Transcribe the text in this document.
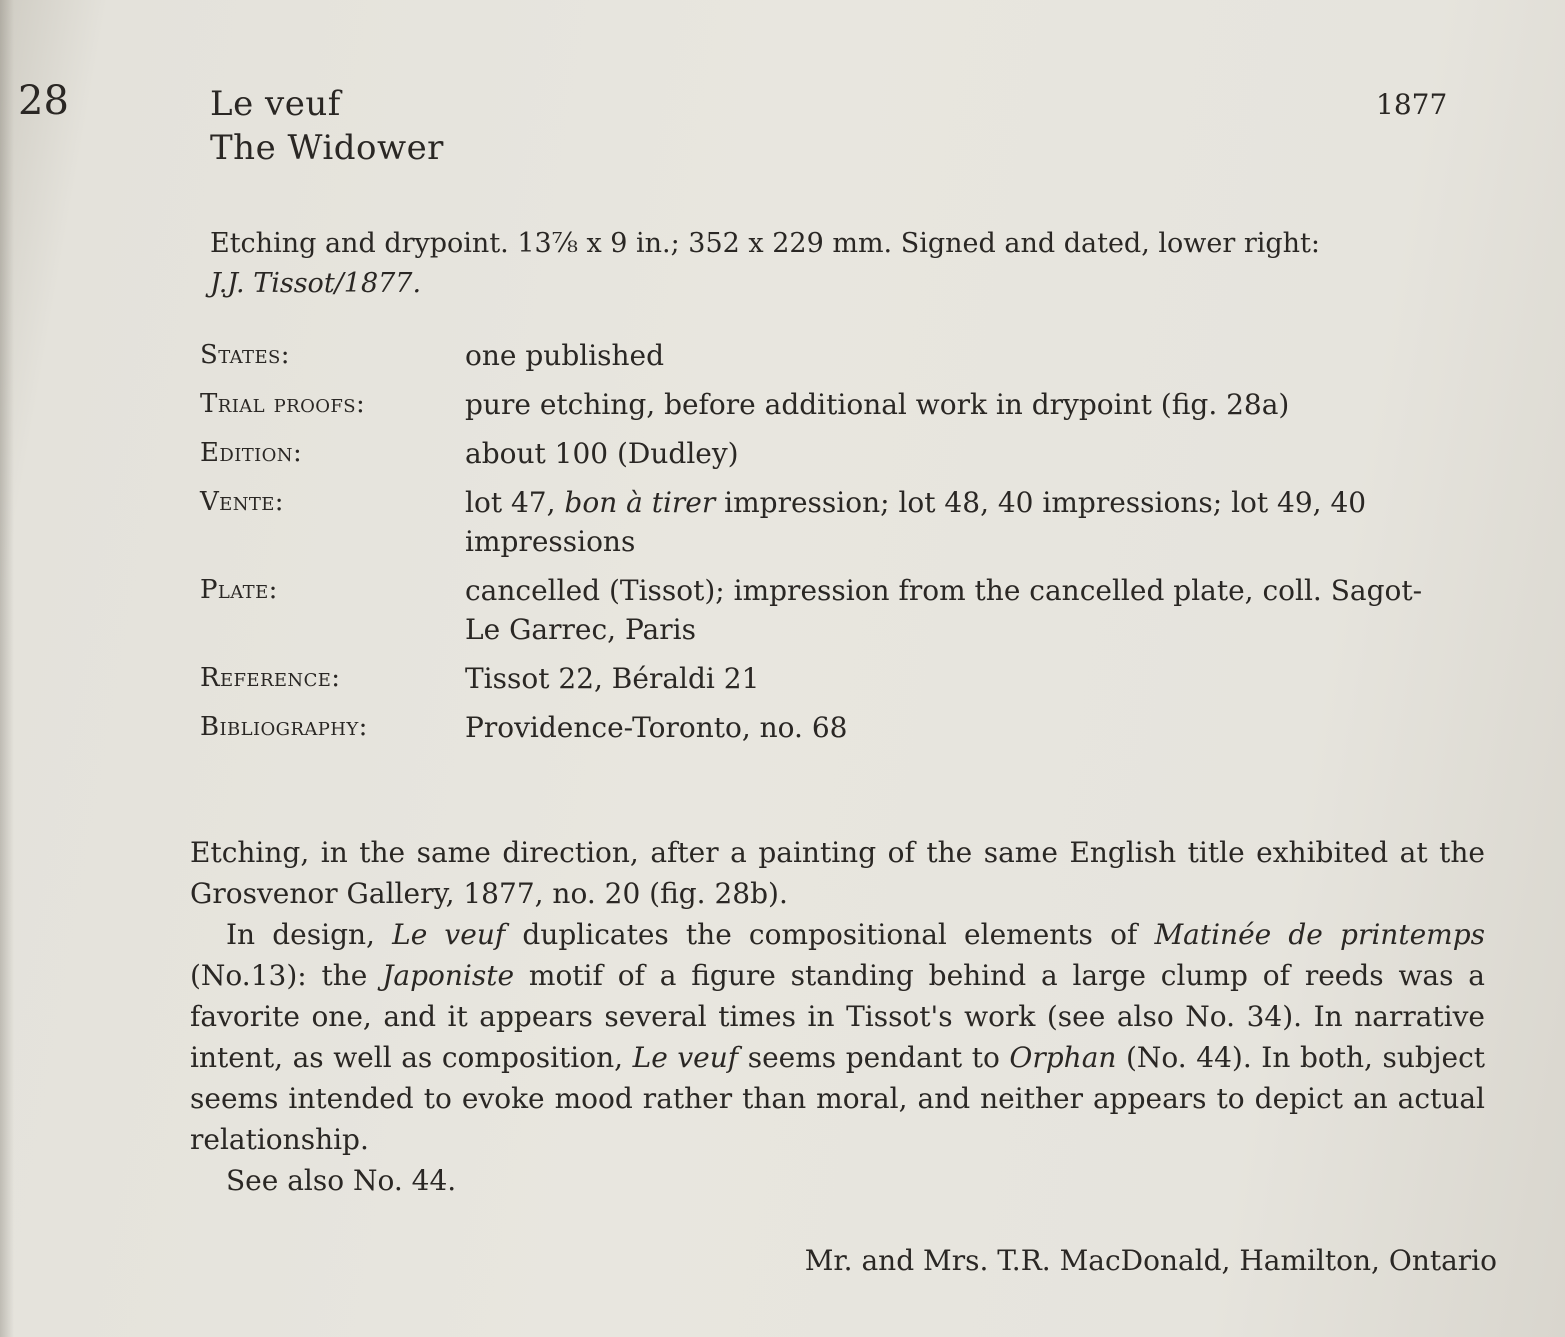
28	Le veuf
The Widower
1877
Etching and drypoint. 13⅞ x 9 in.; 352 x 229 mm. Signed and dated, lower right:
J.J. Tissot/1877.
States:	one published
Trial proofs:	pure etching, before additional work in drypoint (fig. 28a)
Edition:	about 100 (Dudley)
Vente:	lot 47, bon à tirer impression; lot 48, 40 impressions; lot 49, 40 impressions
Plate:	cancelled (Tissot); impression from the cancelled plate, coll. Sagot-Le Garrec, Paris
Reference:	Tissot 22, Béraldi 21
Bibliography:	Providence-Toronto, no. 68

Etching, in the same direction, after a painting of the same English title exhibited at the Grosvenor Gallery, 1877, no. 20 (fig. 28b).

In design, Le veuf duplicates the compositional elements of Matinée de printemps (No.13): the Japoniste motif of a figure standing behind a large clump of reeds was a favorite one, and it appears several times in Tissot's work (see also No. 34). In narrative intent, as well as composition, Le veuf seems pendant to Orphan (No. 44). In both, subject seems intended to evoke mood rather than moral, and neither appears to depict an actual relationship.

See also No. 44.

Mr. and Mrs. T.R. MacDonald, Hamilton, Ontario
